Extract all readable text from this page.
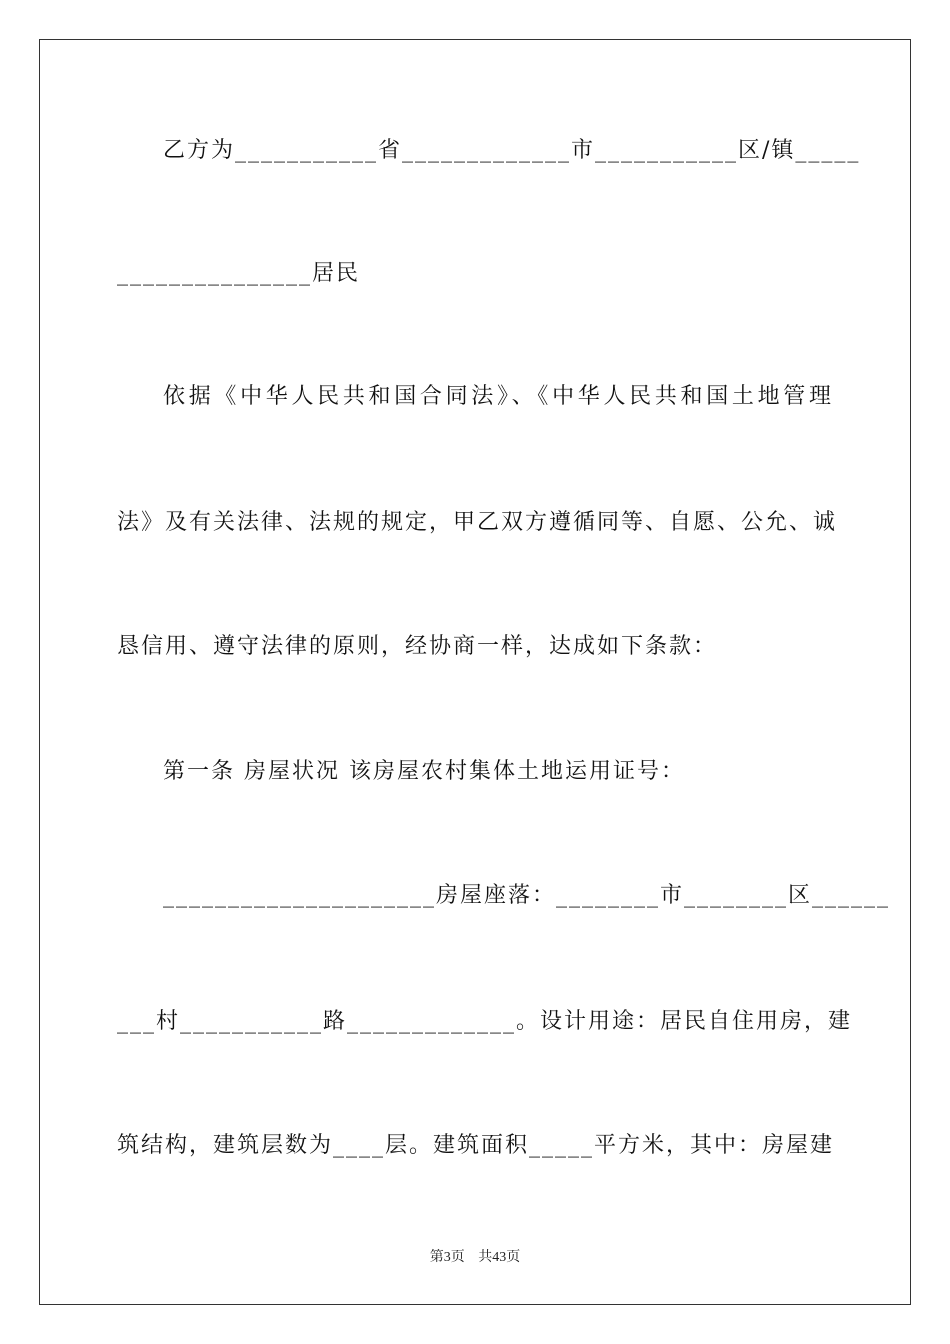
乙方为___________省_____________市___________区/镇_____
_______________居民
依据《中华人民共和国合同法》、《中华人民共和国土地管理
法》及有关法律、法规的规定，甲乙双方遵循同等、自愿、公允、诚
恳信用、遵守法律的原则，经协商一样，达成如下条款：
第一条 房屋状况 该房屋农村集体土地运用证号：
_____________________房屋座落：________市________区______
___村___________路_____________。设计用途：居民自住用房，建
筑结构，建筑层数为____层。建筑面积_____平方米，其中：房屋建
第3页 共43页
